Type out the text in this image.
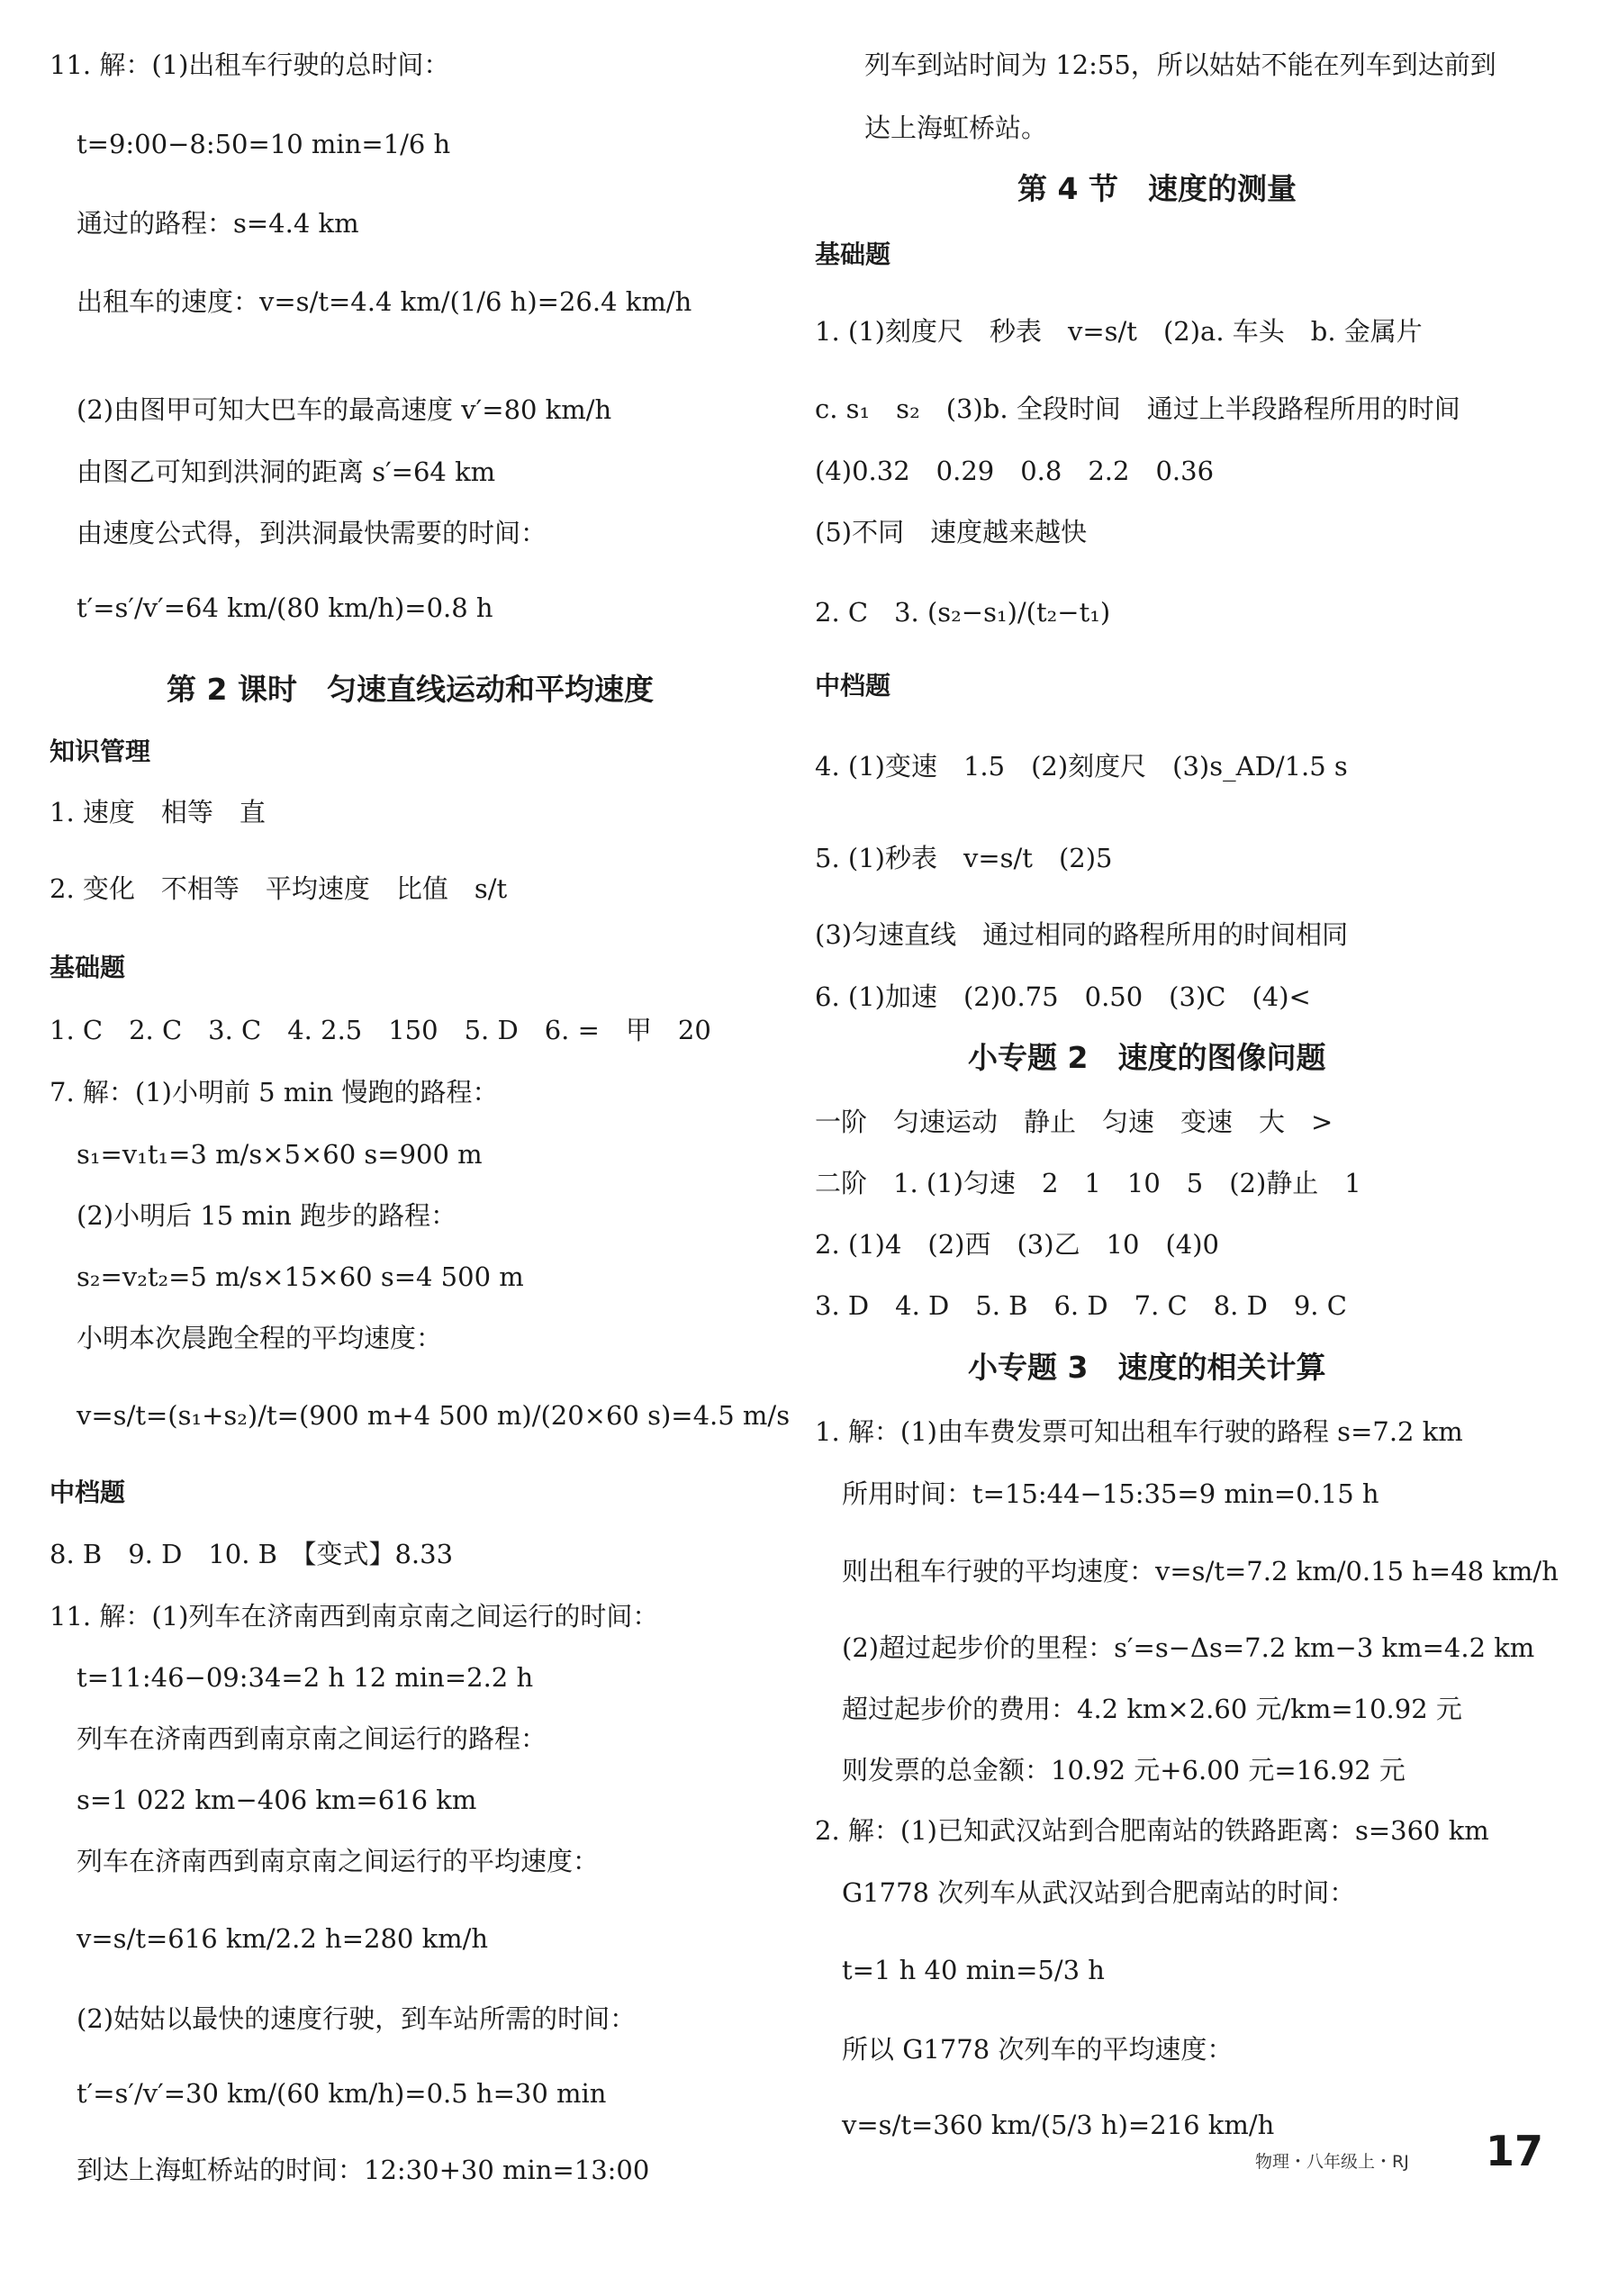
11. 解：(1)出租车行驶的总时间：
t=9:00−8:50=10 min=1/6 h
通过的路程：s=4.4 km
出租车的速度：v=s/t=4.4 km/(1/6 h)=26.4 km/h
(2)由图甲可知大巴车的最高速度 v′=80 km/h
由图乙可知到洪洞的距离 s′=64 km
由速度公式得，到洪洞最快需要的时间：
t′=s′/v′=64 km/(80 km/h)=0.8 h
第 2 课时　匀速直线运动和平均速度
知识管理
1. 速度　相等　直
2. 变化　不相等　平均速度　比值　s/t
基础题
1. C　2. C　3. C　4. 2.5　150　5. D　6. =　甲　20
7. 解：(1)小明前 5 min 慢跑的路程：
s₁=v₁t₁=3 m/s×5×60 s=900 m
(2)小明后 15 min 跑步的路程：
s₂=v₂t₂=5 m/s×15×60 s=4 500 m
小明本次晨跑全程的平均速度：
v=s/t=(s₁+s₂)/t=(900 m+4 500 m)/(20×60 s)=4.5 m/s
中档题
8. B　9. D　10. B　【变式】8.33
11. 解：(1)列车在济南西到南京南之间运行的时间：
t=11:46−09:34=2 h 12 min=2.2 h
列车在济南西到南京南之间运行的路程：
s=1 022 km−406 km=616 km
列车在济南西到南京南之间运行的平均速度：
v=s/t=616 km/2.2 h=280 km/h
(2)姑姑以最快的速度行驶，到车站所需的时间：
t′=s′/v′=30 km/(60 km/h)=0.5 h=30 min
到达上海虹桥站的时间：12:30+30 min=13:00
列车到站时间为 12:55，所以姑姑不能在列车到达前到
达上海虹桥站。
第 4 节　速度的测量
基础题
1. (1)刻度尺　秒表　v=s/t　(2)a. 车头　b. 金属片
c. s₁　s₂　(3)b. 全段时间　通过上半段路程所用的时间
(4)0.32　0.29　0.8　2.2　0.36
(5)不同　速度越来越快
2. C　3. (s₂−s₁)/(t₂−t₁)
中档题
4. (1)变速　1.5　(2)刻度尺　(3)s_AD/1.5 s
5. (1)秒表　v=s/t　(2)5
(3)匀速直线　通过相同的路程所用的时间相同
6. (1)加速　(2)0.75　0.50　(3)C　(4)<
小专题 2　速度的图像问题
一阶　匀速运动　静止　匀速　变速　大　>
二阶　1. (1)匀速　2　1　10　5　(2)静止　1
2. (1)4　(2)西　(3)乙　10　(4)0
3. D　4. D　5. B　6. D　7. C　8. D　9. C
小专题 3　速度的相关计算
1. 解：(1)由车费发票可知出租车行驶的路程 s=7.2 km
所用时间：t=15:44−15:35=9 min=0.15 h
则出租车行驶的平均速度：v=s/t=7.2 km/0.15 h=48 km/h
(2)超过起步价的里程：s′=s−Δs=7.2 km−3 km=4.2 km
超过起步价的费用：4.2 km×2.60 元/km=10.92 元
则发票的总金额：10.92 元+6.00 元=16.92 元
2. 解：(1)已知武汉站到合肥南站的铁路距离：s=360 km
G1778 次列车从武汉站到合肥南站的时间：
t=1 h 40 min=5/3 h
所以 G1778 次列车的平均速度：
v=s/t=360 km/(5/3 h)=216 km/h
物理・八年级上・RJ 17
